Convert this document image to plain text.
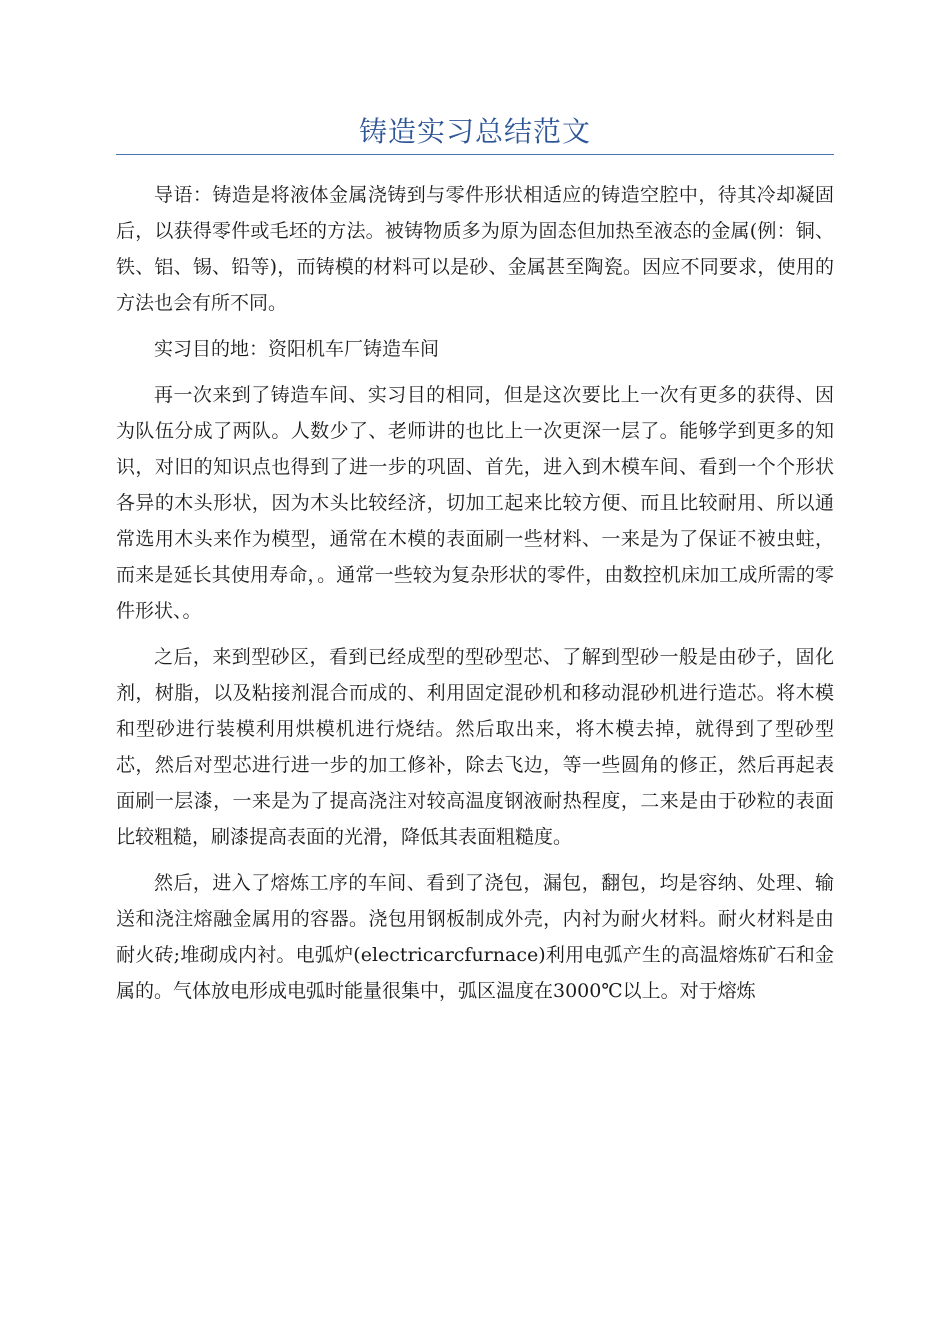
铸造实习总结范文

导语：铸造是将液体金属浇铸到与零件形状相适应的铸造空腔中，待其冷却凝固后，以获得零件或毛坯的方法。被铸物质多为原为固态但加热至液态的金属(例：铜、铁、铝、锡、铅等)，而铸模的材料可以是砂、金属甚至陶瓷。因应不同要求，使用的方法也会有所不同。

实习目的地：资阳机车厂铸造车间

再一次来到了铸造车间、实习目的相同，但是这次要比上一次有更多的获得、因为队伍分成了两队。人数少了、老师讲的也比上一次更深一层了。能够学到更多的知识，对旧的知识点也得到了进一步的巩固、首先，进入到木模车间、看到一个个形状各异的木头形状，因为木头比较经济，切加工起来比较方便、而且比较耐用、所以通常选用木头来作为模型，通常在木模的表面刷一些材料、一来是为了保证不被虫蛀，而来是延长其使用寿命，。通常一些较为复杂形状的零件，由数控机床加工成所需的零件形状、。

之后，来到型砂区，看到已经成型的型砂型芯、了解到型砂一般是由砂子，固化剂，树脂，以及粘接剂混合而成的、利用固定混砂机和移动混砂机进行造芯。将木模和型砂进行装模利用烘模机进行烧结。然后取出来，将木模去掉，就得到了型砂型芯，然后对型芯进行进一步的加工修补，除去飞边，等一些圆角的修正，然后再起表面刷一层漆，一来是为了提高浇注对较高温度钢液耐热程度，二来是由于砂粒的表面比较粗糙，刷漆提高表面的光滑，降低其表面粗糙度。

然后，进入了熔炼工序的车间、看到了浇包，漏包，翻包，均是容纳、处理、输送和浇注熔融金属用的容器。浇包用钢板制成外壳，内衬为耐火材料。耐火材料是由耐火砖;堆砌成内衬。电弧炉(electricarcfurnace)利用电弧产生的高温熔炼矿石和金属的。气体放电形成电弧时能量很集中，弧区温度在3000℃以上。对于熔炼
